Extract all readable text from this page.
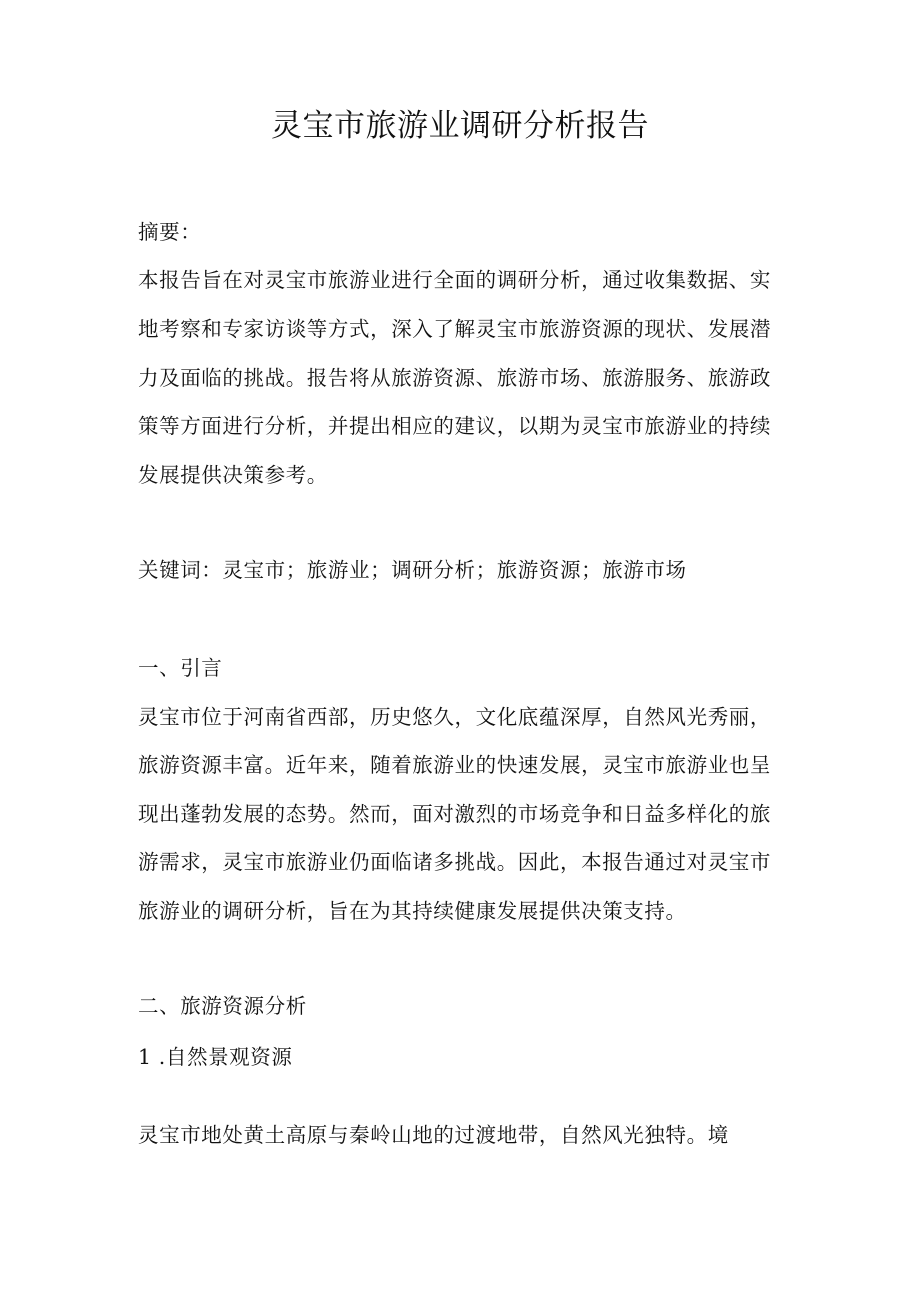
灵宝市旅游业调研分析报告
摘要：
本报告旨在对灵宝市旅游业进行全面的调研分析，通过收集数据、实
地考察和专家访谈等方式，深入了解灵宝市旅游资源的现状、发展潜
力及面临的挑战。报告将从旅游资源、旅游市场、旅游服务、旅游政
策等方面进行分析，并提出相应的建议，以期为灵宝市旅游业的持续
发展提供决策参考。
关键词：灵宝市；旅游业；调研分析；旅游资源；旅游市场
一、引言
灵宝市位于河南省西部，历史悠久，文化底蕴深厚，自然风光秀丽，
旅游资源丰富。近年来，随着旅游业的快速发展，灵宝市旅游业也呈
现出蓬勃发展的态势。然而，面对激烈的市场竞争和日益多样化的旅
游需求，灵宝市旅游业仍面临诸多挑战。因此，本报告通过对灵宝市
旅游业的调研分析，旨在为其持续健康发展提供决策支持。
二、旅游资源分析
1 .自然景观资源
灵宝市地处黄土高原与秦岭山地的过渡地带，自然风光独特。境
